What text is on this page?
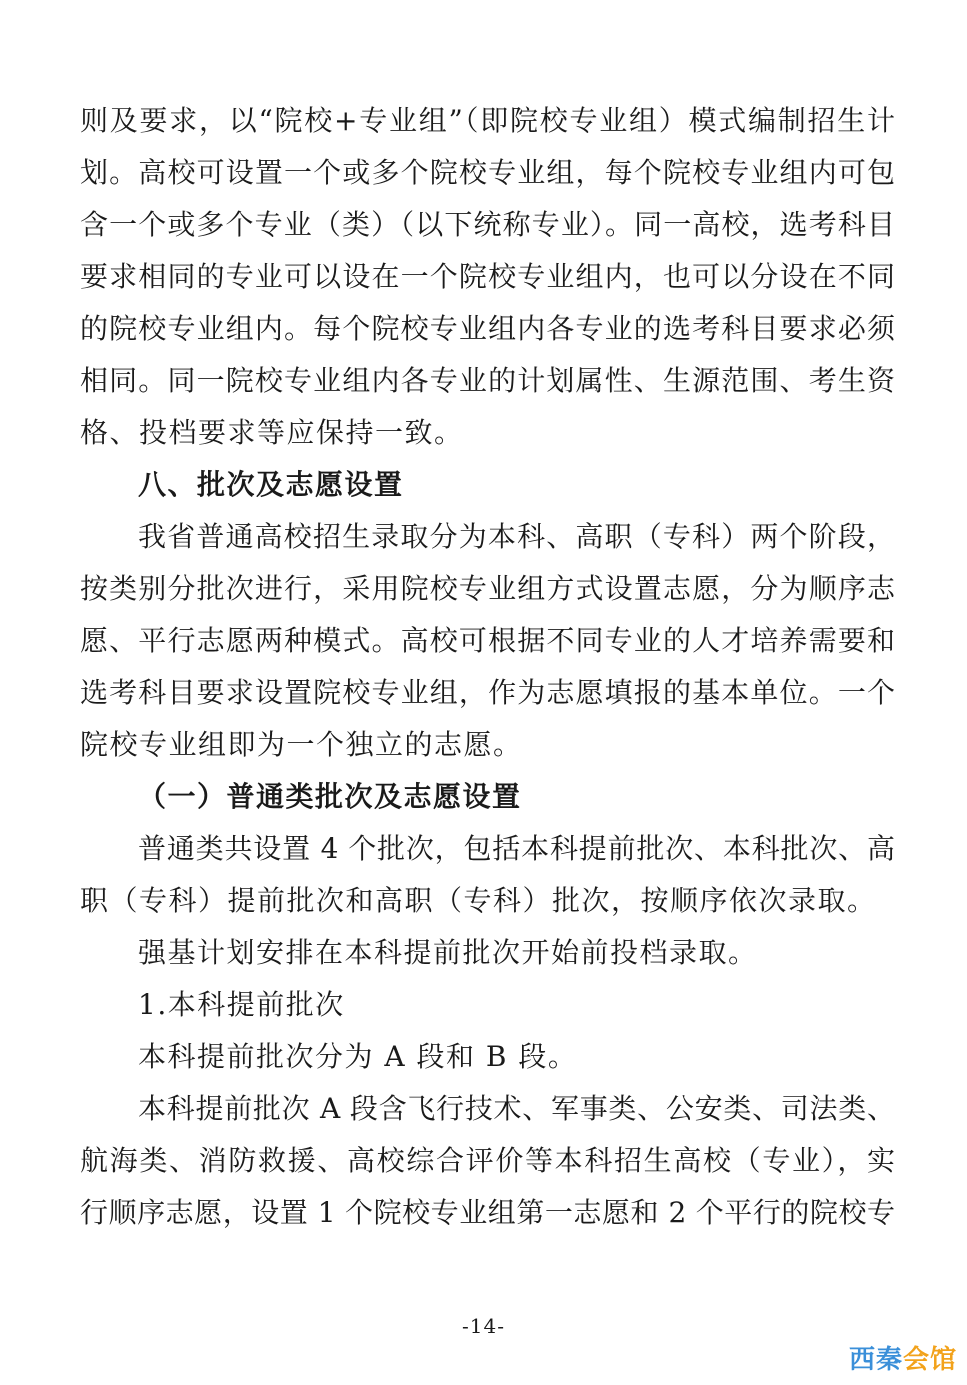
则及要求，以“院校+专业组”（即院校专业组）模式编制招生计
划。高校可设置一个或多个院校专业组，每个院校专业组内可包
含一个或多个专业（类）（以下统称专业）。同一高校，选考科目
要求相同的专业可以设在一个院校专业组内，也可以分设在不同
的院校专业组内。每个院校专业组内各专业的选考科目要求必须
相同。同一院校专业组内各专业的计划属性、生源范围、考生资
格、投档要求等应保持一致。
八、批次及志愿设置
我省普通高校招生录取分为本科、高职（专科）两个阶段，
按类别分批次进行，采用院校专业组方式设置志愿，分为顺序志
愿、平行志愿两种模式。高校可根据不同专业的人才培养需要和
选考科目要求设置院校专业组，作为志愿填报的基本单位。一个
院校专业组即为一个独立的志愿。
（一）普通类批次及志愿设置
普通类共设置 4 个批次，包括本科提前批次、本科批次、高
职（专科）提前批次和高职（专科）批次，按顺序依次录取。
强基计划安排在本科提前批次开始前投档录取。
1.本科提前批次
本科提前批次分为 A 段和 B 段。
本科提前批次 A 段含飞行技术、军事类、公安类、司法类、
航海类、消防救援、高校综合评价等本科招生高校（专业），实
行顺序志愿，设置 1 个院校专业组第一志愿和 2 个平行的院校专
-14-
西秦会馆
